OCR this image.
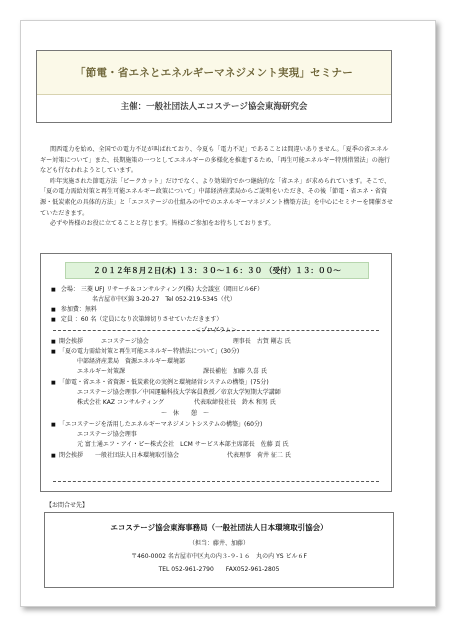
「節電・省エネとエネルギーマネジメント実現」セミナー
主催：一般社団法人エコステージ協会東海研究会

関西電力を始め、全国での電力不足が叫ばれており、今夏も「電力不足」であることは間違いありません。「夏季の省エネルギー対策について」また、長期施策の一つとしてエネルギーの多様化を推進するため、「再生可能エネルギー特別措置法」の施行なども行なわれようとしています。

昨年実施された節電方法「ピークカット」だけでなく、より効果的でかつ継続的な「省エネ」が求められています。そこで、「夏の電力需給対策と再生可能エネルギー政策について」中部経済産業局からご説明をいただき、その後「節電・省エネ・省資源・低炭素化の具体的方法」と「エコステージの仕組みの中でのエネルギーマネジメント構築方法」を中心にセミナーを開催させていただきます。

必ずや皆様のお役に立てることと存じます。皆様のご参加をお待ちしております。

２０１２年８月２日(木) １３：３０〜１６：３０ （受付）１３：００〜
■ 会場： 三菱 UFJ リサーチ＆コンサルティング(株) 大会議室（岡田ビル6F）
名古屋市中区錦 3-20-27　Tel 052-219-5345（代）
■ 参加費：無料
■ 定員 ：60 名（定員になり次第締切りさせていただきます）
＜プログラム＞
■ 開会挨拶　　　エコステージ協会　　　　　　　　　　　　　　理事長　古賀 剛志 氏
■ 「夏の電力需給対策と再生可能エネルギー特措法について」(30分)
中部経済産業局　資源エネルギー環境部
エネルギー対策課　　　　　　　　　　　　　課長補佐　加藤 久喜 氏
■ 「節電・省エネ・省資源・低炭素化の実例と環境経営システムの構築」(75分)
エコステージ協会理事／中国運輸科技大学客員教授／帝京大学短期大学講師
株式会社 KAZ コンサルティング　　　　　代表取締役社長　鈴木 和男 氏
〜　休　　憩　〜
■ 「エコステージを活用したエネルギーマネジメントシステムの構築」(60分)
エコステージ協会理事
元 富士通エフ・アイ・ピー株式会社　LCM サービス本部主席部長　佐藤 貢 氏
■ 閉会挨拶　　一般社団法人日本環境取引協会　　　　　　　　代表理事　荷井 征二 氏
【お問合せ先】
エコステージ協会東海事務局（一般社団法人日本環境取引協会）
（担当：藤井、加藤）
〒460-0002 名古屋市中区丸の内３-９-１６　丸の内 YS ビル６F
TEL 052-961-2790　　FAX052-961-2805
